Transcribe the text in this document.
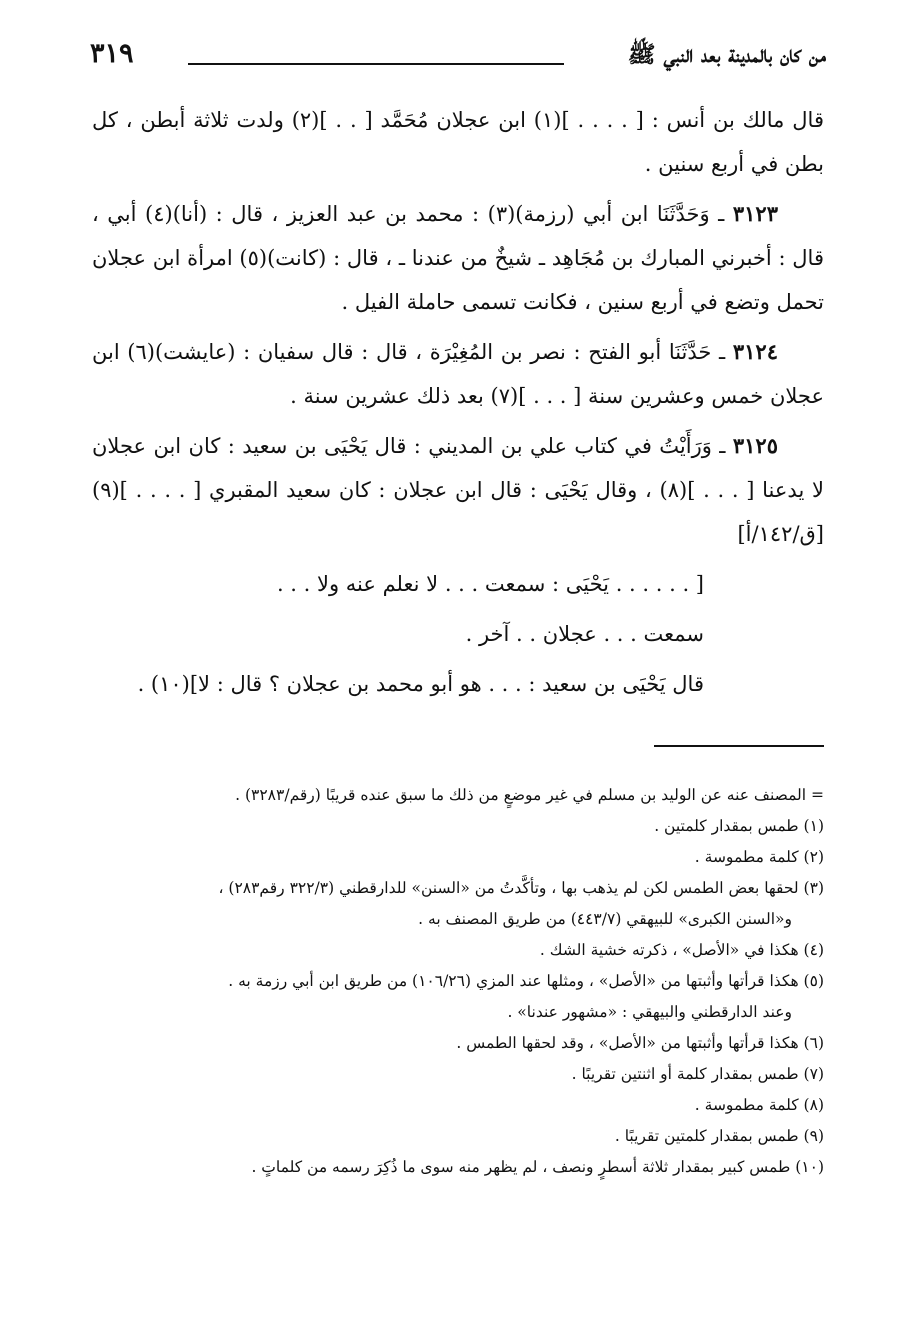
من كان بالمدينة بعد النبي ﷺ
٣١٩

قال مالك بن أنس : [ . . . . ](١) ابن عجلان مُحَمَّد [ . . ](٢) ولدت ثلاثة أبطن ، كل بطن في أربع سنين .

٣١٢٣ ـ وَحَدَّثَنَا ابن أبي (رزمة)(٣) : محمد بن عبد العزيز ، قال : (أنا)(٤) أبي ، قال : أخبرني المبارك بن مُجَاهِد ـ شيخٌ من عندنا ـ ، قال : (كانت)(٥) امرأة ابن عجلان تحمل وتضع في أربع سنين ، فكانت تسمى حاملة الفيل .

٣١٢٤ ـ حَدَّثَنَا أبو الفتح : نصر بن المُغِيْرَة ، قال : قال سفيان : (عايشت)(٦) ابن عجلان خمس وعشرين سنة [ . . . ](٧) بعد ذلك عشرين سنة .

٣١٢٥ ـ وَرَأَيْتُ في كتاب علي بن المديني : قال يَحْيَى بن سعيد : كان ابن عجلان لا يدعنا [ . . . ](٨) ، وقال يَحْيَى : قال ابن عجلان : كان سعيد المقبري [ . . . . ](٩) [ق/١٤٢/أ]

[ . . . . . . يَحْيَى : سمعت . . . لا نعلم عنه ولا . . .

سمعت . . . عجلان . . آخر .

قال يَحْيَى بن سعيد : . . . هو أبو محمد بن عجلان ؟ قال : لا](١٠) .

= المصنف عنه عن الوليد بن مسلم في غير موضعٍ من ذلك ما سبق عنده قريبًا (رقم/٣٢٨٣) .

(١) طمس بمقدار كلمتين .

(٢) كلمة مطموسة .

(٣) لحقها بعض الطمس لكن لم يذهب بها ، وتأكَّدتُ من «السنن» للدارقطني (٣٢٢/٣ رقم٢٨٣) ،

و«السنن الكبرى» للبيهقي (٤٤٣/٧) من طريق المصنف به .

(٤) هكذا في «الأصل» ، ذكرته خشية الشك .

(٥) هكذا قرأتها وأثبتها من «الأصل» ، ومثلها عند المزي (١٠٦/٢٦) من طريق ابن أبي رزمة به .

وعند الدارقطني والبيهقي : «مشهور عندنا» .

(٦) هكذا قرأتها وأثبتها من «الأصل» ، وقد لحقها الطمس .

(٧) طمس بمقدار كلمة أو اثنتين تقريبًا .

(٨) كلمة مطموسة .

(٩) طمس بمقدار كلمتين تقريبًا .

(١٠) طمس كبير بمقدار ثلاثة أسطرٍ ونصف ، لم يظهر منه سوى ما ذُكِرَ رسمه من كلماتٍ .
